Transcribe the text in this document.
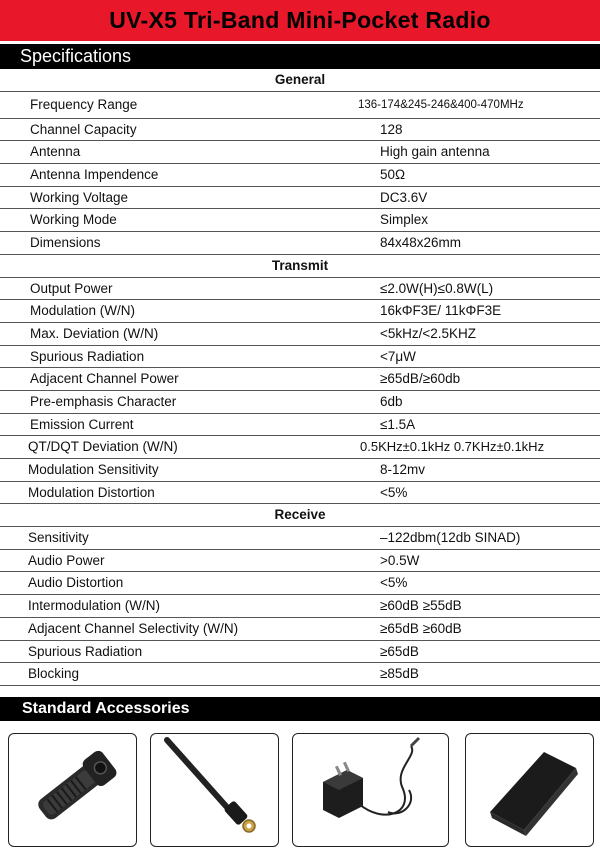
UV-X5 Tri-Band Mini-Pocket Radio
Specifications
General
Frequency Range	136-174&245-246&400-470MHz
Channel Capacity	128
Antenna	High gain antenna
Antenna Impendence	50Ω
Working Voltage	DC3.6V
Working Mode	Simplex
Dimensions	84x48x26mm
Transmit
Output Power	≤2.0W(H)≤0.8W(L)
Modulation (W/N)	16kΦF3E/ 11kΦF3E
Max. Deviation (W/N)	<5kHz/<2.5KHZ
Spurious Radiation	<7μW
Adjacent Channel Power	≥65dB/≥60db
Pre-emphasis Character	6db
Emission Current	≤1.5A
QT/DQT Deviation (W/N)	0.5KHz±0.1kHz 0.7KHz±0.1kHz
Modulation Sensitivity	8-12mv
Modulation Distortion	<5%
Receive
Sensitivity	–122dbm(12db SINAD)
Audio Power	>0.5W
Audio Distortion	<5%
Intermodulation (W/N)	≥60dB ≥55dB
Adjacent Channel Selectivity (W/N)	≥65dB ≥60dB
Spurious Radiation	≥65dB
Blocking	≥85dB
Standard Accessories
